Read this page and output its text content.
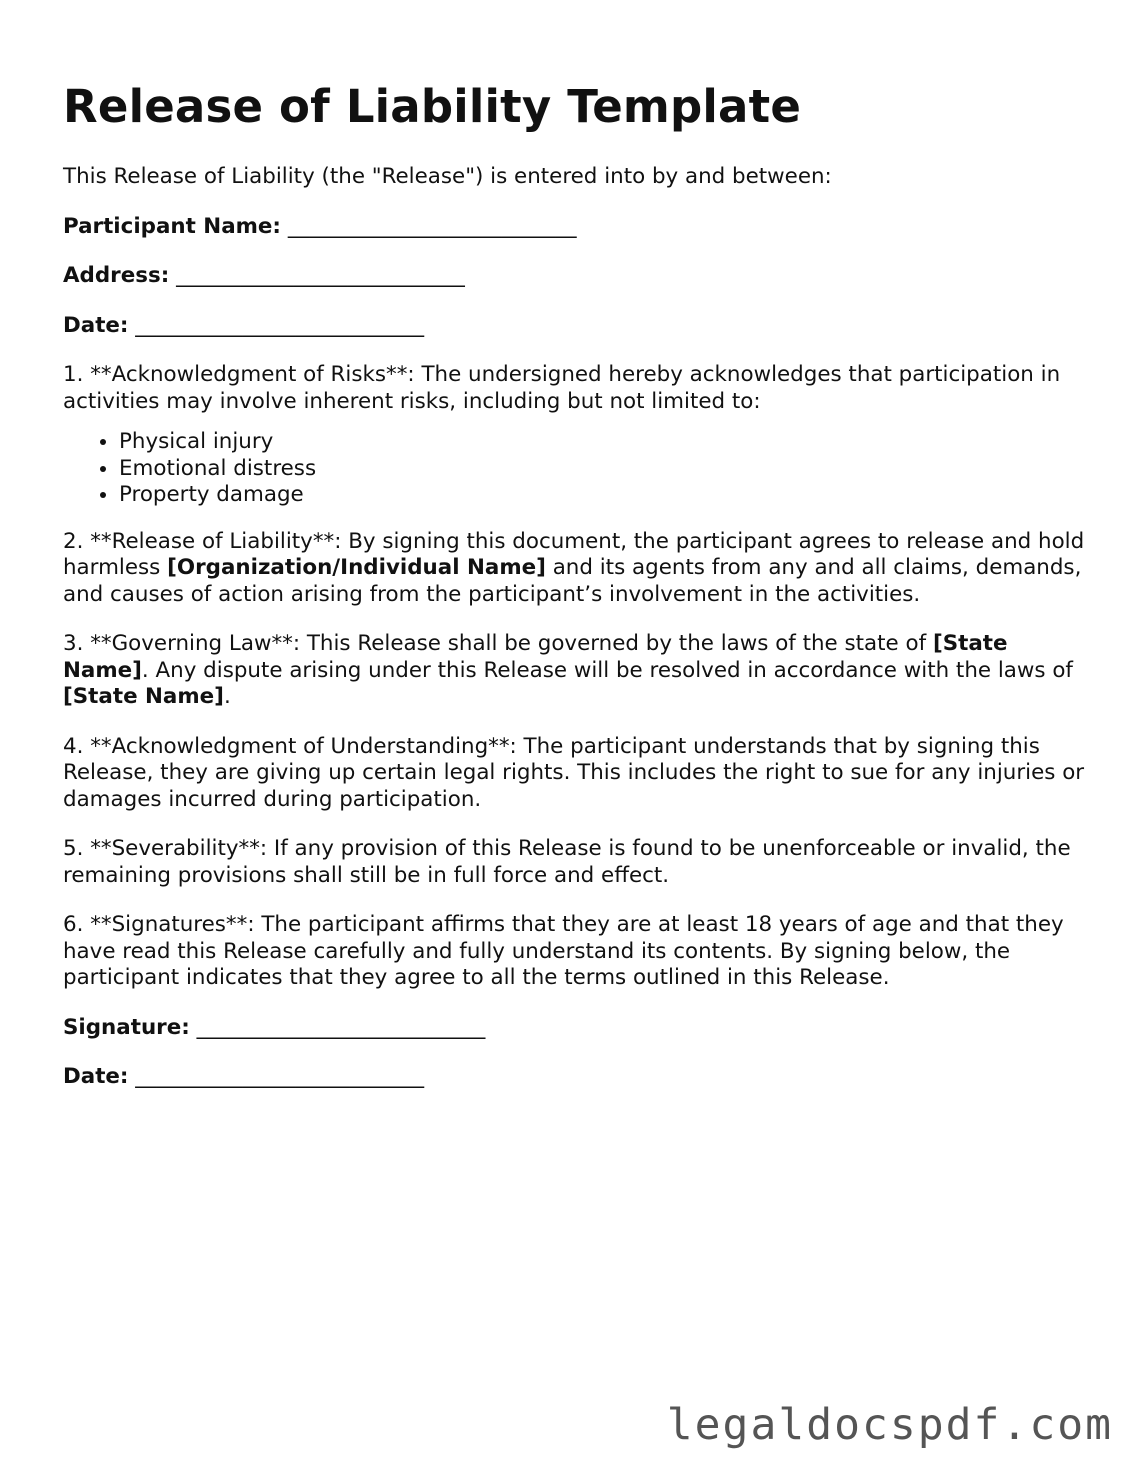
Release of Liability Template

This Release of Liability (the "Release") is entered into by and between:

Participant Name: ___________________________

Address: ___________________________

Date: ___________________________

1. **Acknowledgment of Risks**: The undersigned hereby acknowledges that participation in activities may involve inherent risks, including but not limited to:

• Physical injury
• Emotional distress
• Property damage

2. **Release of Liability**: By signing this document, the participant agrees to release and hold harmless [Organization/Individual Name] and its agents from any and all claims, demands, and causes of action arising from the participant’s involvement in the activities.

3. **Governing Law**: This Release shall be governed by the laws of the state of [State Name]. Any dispute arising under this Release will be resolved in accordance with the laws of [State Name].

4. **Acknowledgment of Understanding**: The participant understands that by signing this Release, they are giving up certain legal rights. This includes the right to sue for any injuries or damages incurred during participation.

5. **Severability**: If any provision of this Release is found to be unenforceable or invalid, the remaining provisions shall still be in full force and effect.

6. **Signatures**: The participant affirms that they are at least 18 years of age and that they have read this Release carefully and fully understand its contents. By signing below, the participant indicates that they agree to all the terms outlined in this Release.

Signature: ___________________________

Date: ___________________________

legaldocspdf.com
